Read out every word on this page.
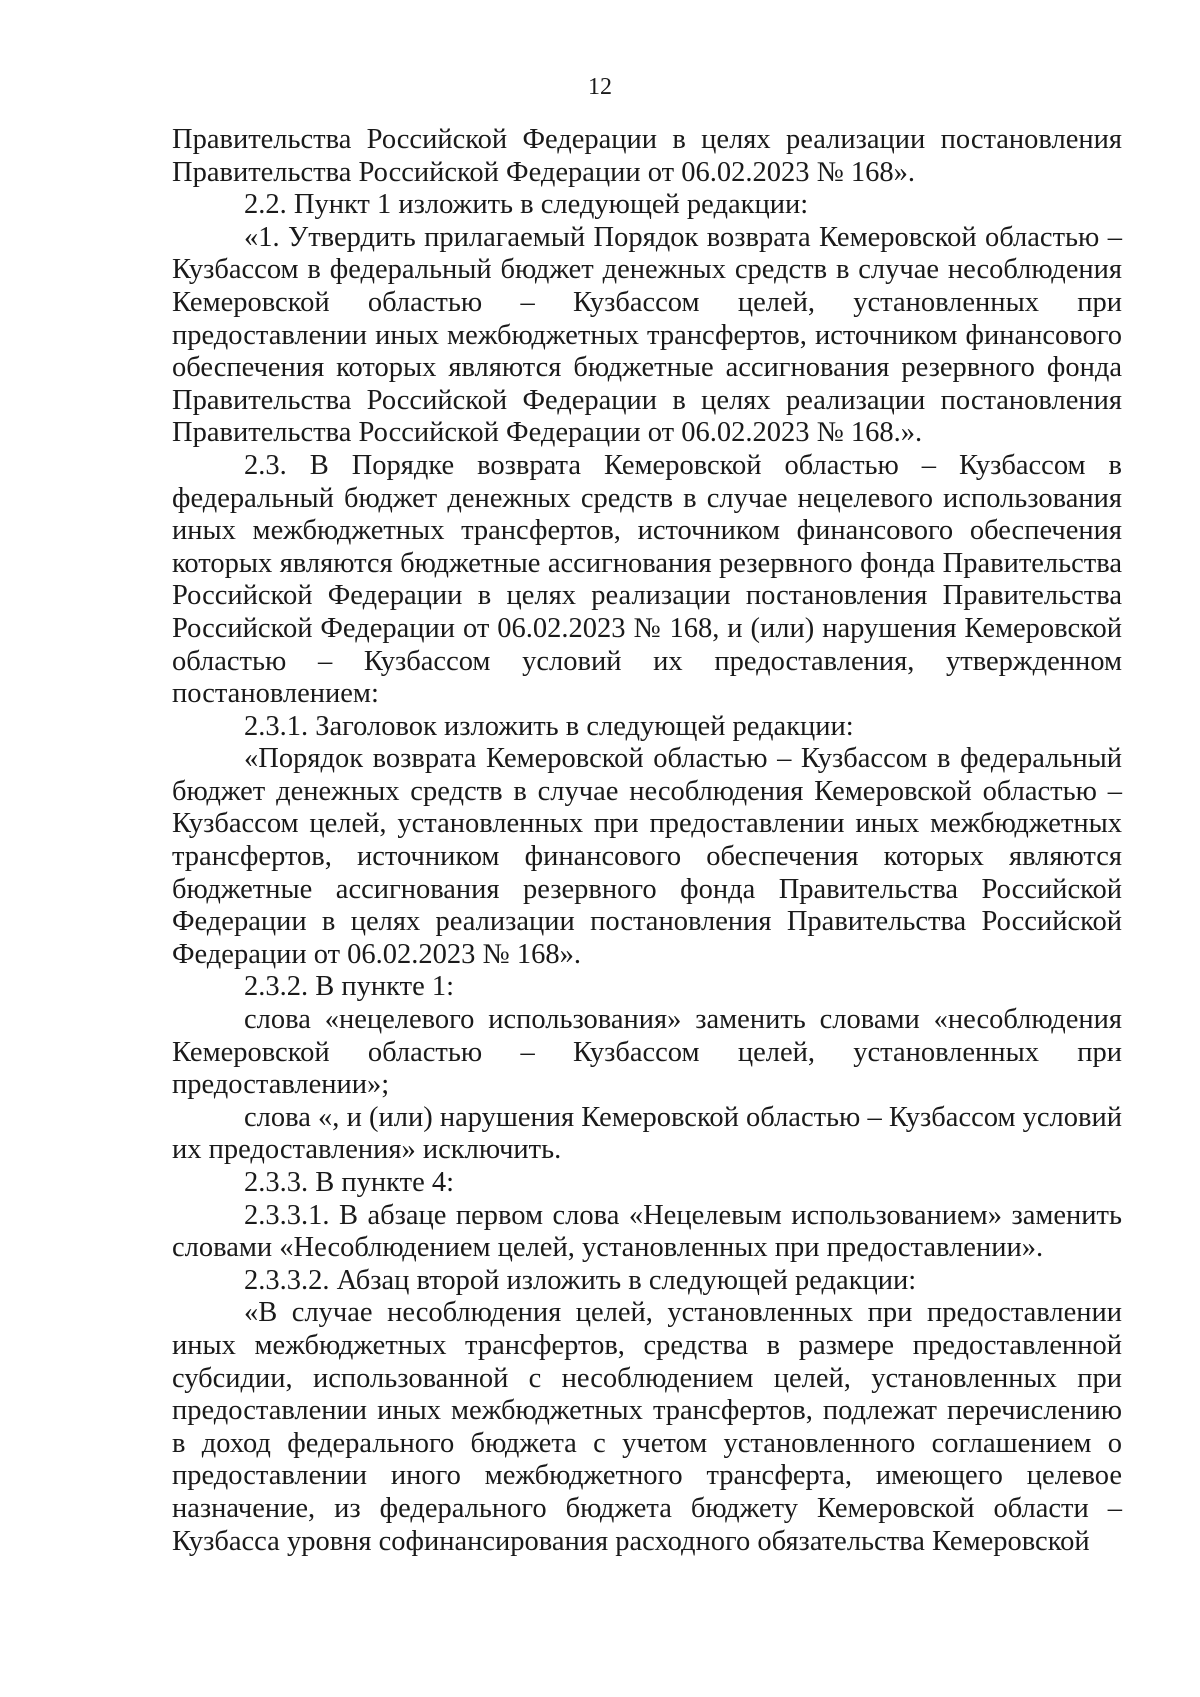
12

Правительства Российской Федерации в целях реализации постановления Правительства Российской Федерации от 06.02.2023 № 168».

2.2. Пункт 1 изложить в следующей редакции:

«1. Утвердить прилагаемый Порядок возврата Кемеровской областью – Кузбассом в федеральный бюджет денежных средств в случае несоблюдения Кемеровской областью – Кузбассом целей, установленных при предоставлении иных межбюджетных трансфертов, источником финансового обеспечения которых являются бюджетные ассигнования резервного фонда Правительства Российской Федерации в целях реализации постановления Правительства Российской Федерации от 06.02.2023 № 168.».

2.3. В Порядке возврата Кемеровской областью – Кузбассом в федеральный бюджет денежных средств в случае нецелевого использования иных межбюджетных трансфертов, источником финансового обеспечения которых являются бюджетные ассигнования резервного фонда Правительства Российской Федерации в целях реализации постановления Правительства Российской Федерации от 06.02.2023 № 168, и (или) нарушения Кемеровской областью – Кузбассом условий их предоставления, утвержденном постановлением:

2.3.1. Заголовок изложить в следующей редакции:

«Порядок возврата Кемеровской областью – Кузбассом в федеральный бюджет денежных средств в случае несоблюдения Кемеровской областью – Кузбассом целей, установленных при предоставлении иных межбюджетных трансфертов, источником финансового обеспечения которых являются бюджетные ассигнования резервного фонда Правительства Российской Федерации в целях реализации постановления Правительства Российской Федерации от 06.02.2023 № 168».

2.3.2. В пункте 1:

слова «нецелевого использования» заменить словами «несоблюдения Кемеровской областью – Кузбассом целей, установленных при предоставлении»;

слова «, и (или) нарушения Кемеровской областью – Кузбассом условий их предоставления» исключить.

2.3.3. В пункте 4:

2.3.3.1. В абзаце первом слова «Нецелевым использованием» заменить словами «Несоблюдением целей, установленных при предоставлении».

2.3.3.2. Абзац второй изложить в следующей редакции:

«В случае несоблюдения целей, установленных при предоставлении иных межбюджетных трансфертов, средства в размере предоставленной субсидии, использованной с несоблюдением целей, установленных при предоставлении иных межбюджетных трансфертов, подлежат перечислению в доход федерального бюджета с учетом установленного соглашением о предоставлении иного межбюджетного трансферта, имеющего целевое назначение, из федерального бюджета бюджету Кемеровской области – Кузбасса уровня софинансирования расходного обязательства Кемеровской
